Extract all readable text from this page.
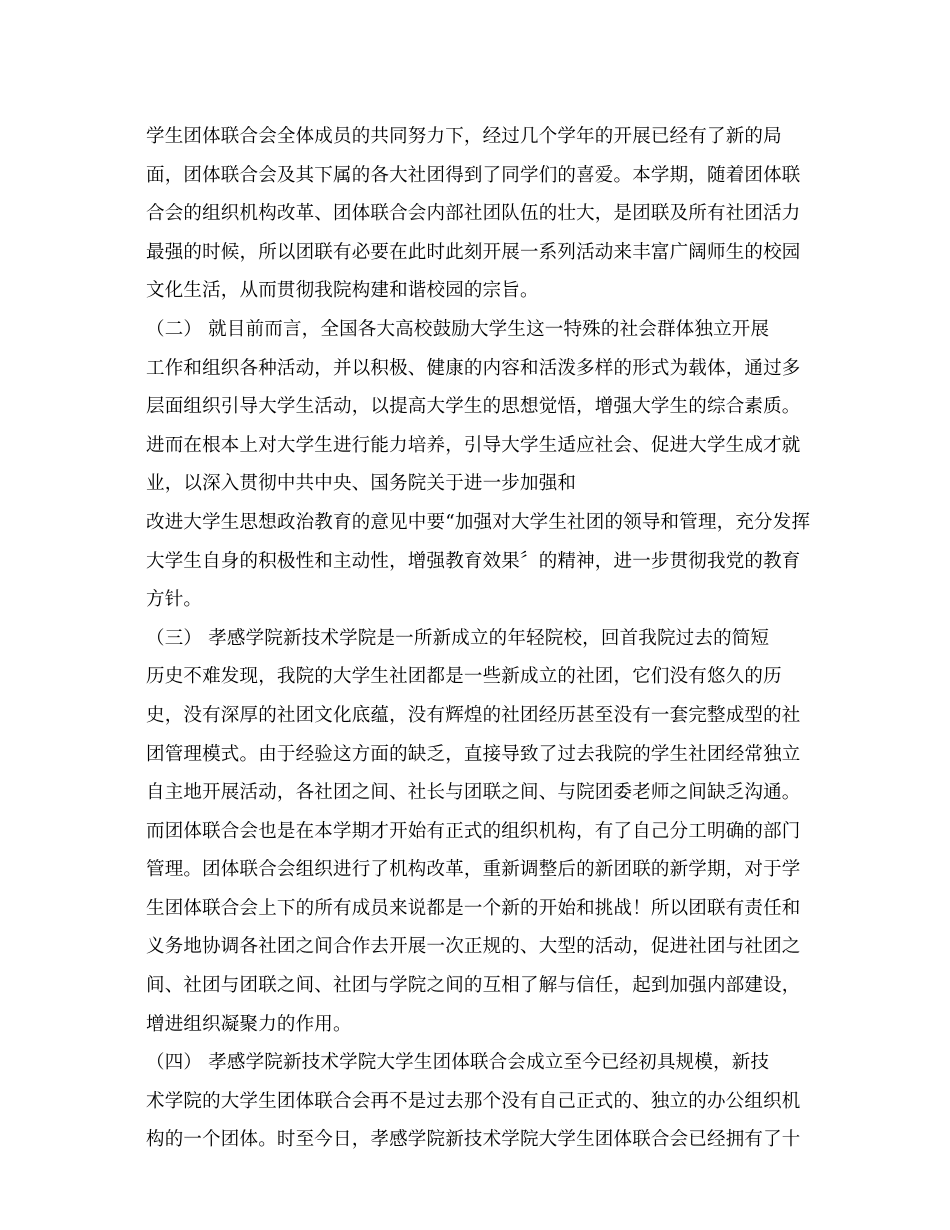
学生团体联合会全体成员的共同努力下，经过几个学年的开展已经有了新的局
面，团体联合会及其下属的各大社团得到了同学们的喜爱。本学期，随着团体联
合会的组织机构改革、团体联合会内部社团队伍的壮大，是团联及所有社团活力
最强的时候，所以团联有必要在此时此刻开展一系列活动来丰富广阔师生的校园
文化生活，从而贯彻我院构建和谐校园的宗旨。
（二） 就目前而言，全国各大高校鼓励大学生这一特殊的社会群体独立开展
工作和组织各种活动，并以积极、健康的内容和活泼多样的形式为载体，通过多
层面组织引导大学生活动，以提高大学生的思想觉悟，增强大学生的综合素质。
进而在根本上对大学生进行能力培养，引导大学生适应社会、促进大学生成才就
业，以深入贯彻中共中央、国务院关于进一步加强和
改进大学生思想政治教育的意见中要“加强对大学生社团的领导和管理，充分发挥
大学生自身的积极性和主动性，增强教育效果〞的精神，进一步贯彻我党的教育
方针。
（三） 孝感学院新技术学院是一所新成立的年轻院校，回首我院过去的简短
历史不难发现，我院的大学生社团都是一些新成立的社团，它们没有悠久的历
史，没有深厚的社团文化底蕴，没有辉煌的社团经历甚至没有一套完整成型的社
团管理模式。由于经验这方面的缺乏，直接导致了过去我院的学生社团经常独立
自主地开展活动，各社团之间、社长与团联之间、与院团委老师之间缺乏沟通。
而团体联合会也是在本学期才开始有正式的组织机构，有了自己分工明确的部门
管理。团体联合会组织进行了机构改革，重新调整后的新团联的新学期，对于学
生团体联合会上下的所有成员来说都是一个新的开始和挑战！所以团联有责任和
义务地协调各社团之间合作去开展一次正规的、大型的活动，促进社团与社团之
间、社团与团联之间、社团与学院之间的互相了解与信任，起到加强内部建设，
增进组织凝聚力的作用。
（四） 孝感学院新技术学院大学生团体联合会成立至今已经初具规模，新技
术学院的大学生团体联合会再不是过去那个没有自己正式的、独立的办公组织机
构的一个团体。时至今日，孝感学院新技术学院大学生团体联合会已经拥有了十
